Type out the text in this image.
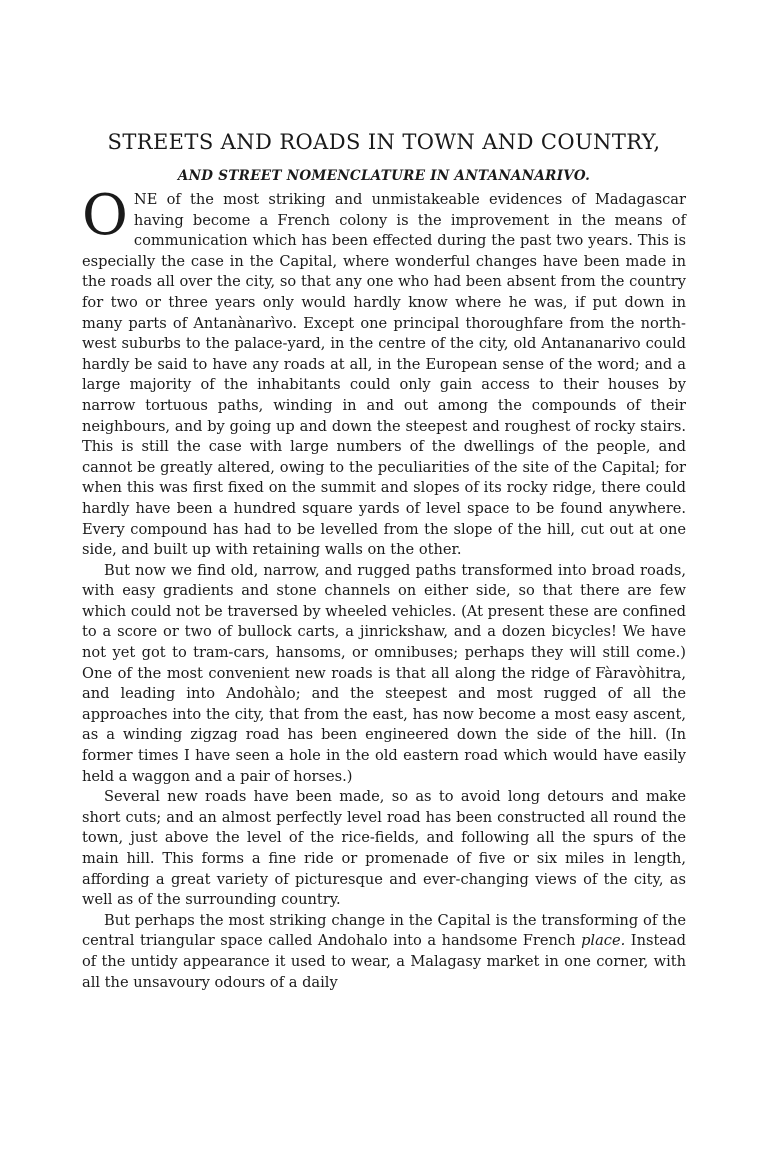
STREETS AND ROADS IN TOWN AND COUNTRY,
AND STREET NOMENCLATURE IN ANTANANARIVO.

ONE of the most striking and unmistakeable evidences of Madagascar having become a French colony is the improvement in the means of communication which has been effected during the past two years. This is especially the case in the Capital, where wonderful changes have been made in the roads all over the city, so that any one who had been absent from the country for two or three years only would hardly know where he was, if put down in many parts of Antanànarìvo. Except one principal thoroughfare from the north-west suburbs to the palace-yard, in the centre of the city, old Antananarivo could hardly be said to have any roads at all, in the European sense of the word; and a large majority of the inhabitants could only gain access to their houses by narrow tortuous paths, winding in and out among the compounds of their neighbours, and by going up and down the steepest and roughest of rocky stairs. This is still the case with large numbers of the dwellings of the people, and cannot be greatly altered, owing to the peculiarities of the site of the Capital; for when this was first fixed on the summit and slopes of its rocky ridge, there could hardly have been a hundred square yards of level space to be found anywhere. Every compound has had to be levelled from the slope of the hill, cut out at one side, and built up with retaining walls on the other.

But now we find old, narrow, and rugged paths transformed into broad roads, with easy gradients and stone channels on either side, so that there are few which could not be traversed by wheeled vehicles. (At present these are confined to a score or two of bullock carts, a jinrickshaw, and a dozen bicycles! We have not yet got to tram-cars, hansoms, or omnibuses; perhaps they will still come.) One of the most convenient new roads is that all along the ridge of Fàravòhitra, and leading into Andohàlo; and the steepest and most rugged of all the approaches into the city, that from the east, has now become a most easy ascent, as a winding zigzag road has been engineered down the side of the hill. (In former times I have seen a hole in the old eastern road which would have easily held a waggon and a pair of horses.)

Several new roads have been made, so as to avoid long detours and make short cuts; and an almost perfectly level road has been constructed all round the town, just above the level of the rice-fields, and following all the spurs of the main hill. This forms a fine ride or promenade of five or six miles in length, affording a great variety of picturesque and ever-changing views of the city, as well as of the surrounding country.

But perhaps the most striking change in the Capital is the transforming of the central triangular space called Andohalo into a handsome French place. Instead of the untidy appearance it used to wear, a Malagasy market in one corner, with all the unsavoury odours of a daily
